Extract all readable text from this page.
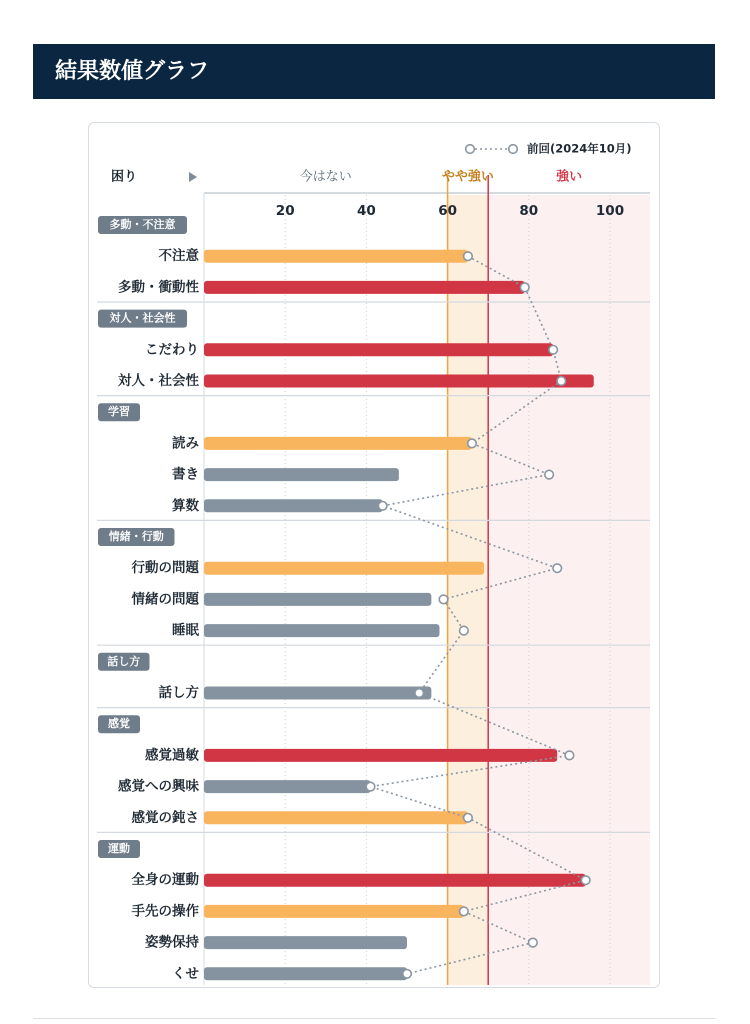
結果数値グラフ
前回(2024年10月)
困り	今はない	やや強い	強い
20	40	60	80	100
多動・不注意
不注意
多動・衝動性
対人・社会性
こだわり
対人・社会性
学習
読み
書き
算数
情緒・行動
行動の問題
情緒の問題
睡眠
話し方
話し方
感覚
感覚過敏
感覚への興味
感覚の鈍さ
運動
全身の運動
手先の操作
姿勢保持
くせ
